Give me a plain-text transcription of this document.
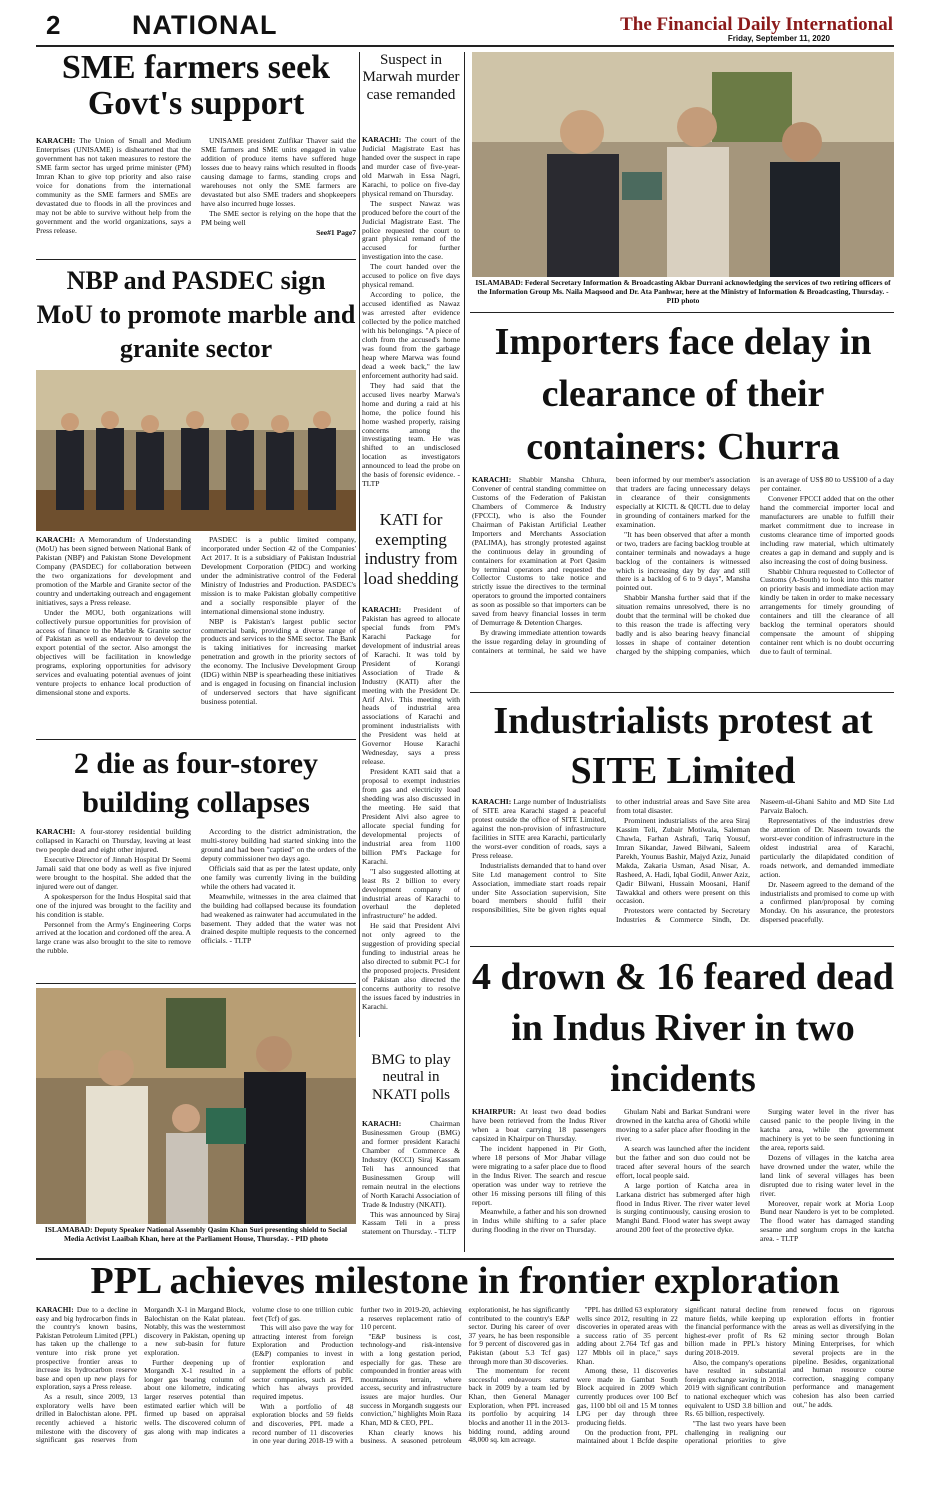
2	NATIONAL	The Financial Daily International
Friday, September 11, 2020
SME farmers seek Govt's support

KARACHI: The Union of Small and Medium Enterprises (UNISAME) is disheartened that the government has not taken measures to restore the SME farm sector has urged prime minister (PM) Imran Khan to give top priority and also raise voice for donations from the international community as the SME farmers and SMEs are devastated due to floods in all the provinces and may not be able to survive without help from the government and the world organizations, says a Press release.

UNISAME president Zulfikar Thaver said the SME farmers and SME units engaged in value addition of produce items have suffered huge losses due to heavy rains which resulted in floods causing damage to farms, standing crops and warehouses not only the SME farmers are devastated but also SME traders and shopkeepers have also incurred huge losses.

The SME sector is relying on the hope that the PM being well

See#1 Page7

Suspect in Marwah murder case remanded

KARACHI: The court of the Judicial Magistrate East has handed over the suspect in rape and murder case of five-year-old Marwah in Essa Nagri, Karachi, to police on five-day physical remand on Thursday.

The suspect Nawaz was produced before the court of the Judicial Magistrate East. The police requested the court to grant physical remand of the accused for further investigation into the case.

The court handed over the accused to police on five days physical remand.

According to police, the accused identified as Nawaz was arrested after evidence collected by the police matched with his belongings. "A piece of cloth from the accused's home was found from the garbage heap where Marwa was found dead a week back," the law enforcement authority had said.

They had said that the accused lives nearby Marwa's home and during a raid at his home, the police found his home washed properly, raising concerns among the investigating team. He was shifted to an undisclosed location as investigators announced to lead the probe on the basis of forensic evidence. - TLTP

ISLAMABAD: Federal Secretary Information & Broadcasting Akbar Durrani acknowledging the services of two retiring officers of the Information Group Ms. Naila Maqsood and Dr. Ata Panhwar, here at the Ministry of Information & Broadcasting, Thursday. - PID photo
NBP and PASDEC sign MoU to promote marble and granite sector

KARACHI: A Memorandum of Understanding (MoU) has been signed between National Bank of Pakistan (NBP) and Pakistan Stone Development Company (PASDEC) for collaboration between the two organizations for development and promotion of the Marble and Granite sector of the country and undertaking outreach and engagement initiatives, says a Press release.

Under the MOU, both organizations will collectively pursue opportunities for provision of access of finance to the Marble & Granite sector of Pakistan as well as endeavour to develop the export potential of the sector. Also amongst the objectives will be facilitation in knowledge programs, exploring opportunities for advisory services and evaluating potential avenues of joint venture projects to enhance local production of dimensional stone and exports.

PASDEC is a public limited company, incorporated under Section 42 of the Companies' Act 2017. It is a subsidiary of Pakistan Industrial Development Corporation (PIDC) and working under the administrative control of the Federal Ministry of Industries and Production. PASDEC's mission is to make Pakistan globally competitive and a socially responsible player of the international dimensional stone industry.

NBP is Pakistan's largest public sector commercial bank, providing a diverse range of products and services to the SME sector. The Bank is taking initiatives for increasing market penetration and growth in the priority sectors of the economy. The Inclusive Development Group (IDG) within NBP is spearheading these initiatives and is engaged in focusing on financial inclusion of underserved sectors that have significant business potential.

KATI for exempting industry from load shedding

KARACHI: President of Pakistan has agreed to allocate special funds from PM's Karachi Package for development of industrial areas of Karachi. It was told by President of Korangi Association of Trade & Industry (KATI) after the meeting with the President Dr. Arif Alvi. This meeting with heads of industrial area associations of Karachi and prominent industrialists with the President was held at Governor House Karachi Wednesday, says a press release.

President KATI said that a proposal to exempt industries from gas and electricity load shedding was also discussed in the meeting. He said that President Alvi also agree to allocate special funding for developmental projects of industrial area from 1100 billion PM's Package for Karachi.

"I also suggested allotting at least Rs 2 billion to every development company of industrial areas of Karachi to overhaul the depleted infrastructure" he added.

He said that President Alvi not only agreed to the suggestion of providing special funding to industrial areas he also directed to submit PC-I for the proposed projects. President of Pakistan also directed the concerns authority to resolve the issues faced by industries in Karachi.

Importers face delay in clearance of their containers: Churra

KARACHI: Shabbir Mansha Chhura, Convener of central standing committee on Customs of the Federation of Pakistan Chambers of Commerce & Industry (FPCCI), who is also the Founder Chairman of Pakistan Artificial Leather Importers and Merchants Association (PALIMA), has strongly protested against the continuous delay in grounding of containers for examination at Port Qasim by terminal operators and requested the Collector Customs to take notice and strictly issue the directives to the terminal operators to ground the imported containers as soon as possible so that importers can be saved from heavy financial losses in term of Demurrage & Detention Charges.

By drawing immediate attention towards the issue regarding delay in grounding of containers at terminal, he said we have been informed by our member's association that traders are facing unnecessary delays in clearance of their consignments especially at KICTL & QICTL due to delay in grounding of containers marked for the examination.

"It has been observed that after a month or two, traders are facing backlog trouble at container terminals and nowadays a huge backlog of the containers is witnessed which is increasing day by day and still there is a backlog of 6 to 9 days", Mansha pointed out.

Shabbir Mansha further said that if the situation remains unresolved, there is no doubt that the terminal will be choked due to this reason the trade is affecting very badly and is also bearing heavy financial losses in shape of container detention charged by the shipping companies, which is an average of US$ 80 to US$100 of a day per container.

Convener FPCCI added that on the other hand the commercial importer local and manufacturers are unable to fulfill their market commitment due to increase in customs clearance time of imported goods including raw material, which ultimately creates a gap in demand and supply and is also increasing the cost of doing business.

Shabbir Chhura requested to Collector of Customs (A-South) to look into this matter on priority basis and immediate action may kindly be taken in order to make necessary arrangements for timely grounding of containers and till the clearance of all backlog the terminal operators should compensate the amount of shipping container rent which is no doubt occurring due to fault of terminal.

2 die as four-storey building collapses

KARACHI: A four-storey residential building collapsed in Karachi on Thursday, leaving at least two people dead and eight other injured.

Executive Director of Jinnah Hospital Dr Seemi Jamali said that one body as well as five injured were brought to the hospital. She added that the injured were out of danger.

A spokesperson for the Indus Hospital said that one of the injured was brought to the facility and his condition is stable.

Personnel from the Army's Engineering Corps arrived at the location and cordoned off the area. A large crane was also brought to the site to remove the rubble.

According to the district administration, the multi-storey building had started sinking into the ground and had been "captied" on the orders of the deputy commissioner two days ago.

Officials said that as per the latest update, only one family was currently living in the building while the others had vacated it.

Meanwhile, witnesses in the area claimed that the building had collapsed because its foundation had weakened as rainwater had accumulated in the basement. They added that the water was not drained despite multiple requests to the concerned officials. - TLTP

Industrialists protest at SITE Limited

KARACHI: Large number of Industrialists of SITE area Karachi staged a peaceful protest outside the office of SITE Limited, against the non-provision of infrastructure facilities in SITE area Karachi, particularly the worst-ever condition of roads, says a Press release.

Industrialists demanded that to hand over Site Ltd management control to Site Association, immediate start roads repair under Site Association supervision, Site board members should fulfil their responsibilities, Site be given rights equal to other industrial areas and Save Site area from total disaster.

Prominent industrialists of the area Siraj Kassim Teli, Zubair Motiwala, Saleman Chawla, Farhan Ashrafi, Tariq Yousuf, Imran Sikandar, Jawed Bilwani, Saleem Parekh, Younus Bashir, Majyd Aziz, Junaid Makda, Zakaria Usman, Asad Nisar, A. Rasheed, A. Hadi, Iqbal Godil, Anwer Aziz, Qadir Bilwani, Hussain Moosani, Hanif Tawakkal and others were present on this occasion.

Protestors were contacted by Secretary Industries & Commerce Sindh, Dr. Naseem-ul-Ghani Sahito and MD Site Ltd Parvaiz Baloch.

Representatives of the industries drew the attention of Dr. Naseem towards the worst-ever condition of infrastructure in the oldest industrial area of Karachi, particularly the dilapidated condition of roads network, and demanded immediate action.

Dr. Naseem agreed to the demand of the industrialists and promised to come up with a confirmed plan/proposal by coming Monday. On his assurance, the protestors dispersed peacefully.

ISLAMABAD: Deputy Speaker National Assembly Qasim Khan Suri presenting shield to Social Media Activist Laaibah Khan, here at the Parliament House, Thursday. - PID photo
BMG to play neutral in NKATI polls

KARACHI:	Chairman Businessmen Group (BMG) and former president Karachi Chamber of Commerce & Industry (KCCI) Siraj Kassam Teli has announced that Businessmen Group will remain neutral in the elections of North Karachi Association of Trade & Industry (NKATI).

This was announced by Siraj Kassam Teli in a press statement on Thursday. - TLTP

4 drown & 16 feared dead in Indus River in two incidents

KHAIRPUR: At least two dead bodies have been retrieved from the Indus River when a boat carrying 18 passengers capsized in Khairpur on Thursday.

The incident happened in Pir Goth, where 18 persons of Mor Jhabar village were migrating to a safer place due to flood in the Indus River. The search and rescue operation was under way to retrieve the other 16 missing persons till filing of this report.

Meanwhile, a father and his son drowned in Indus while shifting to a safer place during flooding in the river on Thursday.

Ghulam Nabi and Barkat Sundrani were drowned in the katcha area of Ghotki while moving to a safer place after flooding in the river.

A search was launched after the incident but the father and son duo could not be traced after several hours of the search effort, local people said.

A large portion of Katcha area in Larkana district has submerged after high flood in Indus River. The river water level is surging continuously, causing erosion to Manghi Band. Flood water has swept away around 200 feet of the protective dyke.

Surging water level in the river has caused panic to the people living in the katcha area, while the government machinery is yet to be seen functioning in the area, reports said.

Dozens of villages in the katcha area have drowned under the water, while the land link of several villages has been disrupted due to rising water level in the river.

Moreover, repair work at Moria Loop Bund near Naudero is yet to be completed. The flood water has damaged standing sesame and sorghum crops in the katcha area. - TLTP

PPL achieves milestone in frontier exploration

KARACHI: Due to a decline in easy and big hydrocarbon finds in the country's known basins, Pakistan Petroleum Limited (PPL) has taken up the challenge to venture into risk prone yet prospective frontier areas to increase its hydrocarbon reserve base and open up new plays for exploration, says a Press release.

As a result, since 2009, 13 exploratory wells have been drilled in Balochistan alone. PPL recently achieved a historic milestone with the discovery of significant gas reserves from Morgandh X-1 in Margand Block, Balochistan on the Kalat plateau. Notably, this was the westernmost discovery in Pakistan, opening up a new sub-basin for future exploration.

Further deepening up of Morgandh X-1 resulted in a longer gas bearing column of about one kilometre, indicating larger reserves potential than estimated earlier which will be firmed up based on appraisal wells. The discovered column of gas along with map indicates a volume close to one trillion cubic feet (Tcf) of gas.

This will also pave the way for attracting interest from foreign Exploration and Production (E&P) companies to invest in frontier exploration and supplement the efforts of public sector companies, such as PPL which has always provided required impetus.

With a portfolio of 48 exploration blocks and 59 fields and discoveries, PPL made a record number of 11 discoveries in one year during 2018-19 with a further two in 2019-20, achieving a reserves replacement ratio of 110 percent.

"E&P business is cost, technology-and risk-intensive with a long gestation period, especially for gas. These are compounded in frontier areas with mountainous terrain, where access, security and infrastructure issues are major hurdles. Our success in Morgandh suggests our conviction," highlights Moin Raza Khan, MD & CEO, PPL.

Khan clearly knows his business. A seasoned petroleum explorationist, he has significantly contributed to the country's E&P sector. During his career of over 37 years, he has been responsible for 9 percent of discovered gas in Pakistan (about 5.3 Tcf gas) through more than 30 discoveries.

The momentum for recent successful endeavours started back in 2009 by a team led by Khan, then General Manager Exploration, when PPL increased its portfolio by acquiring 14 blocks and another 11 in the 2013-bidding round, adding around 48,000 sq. km acreage.

"PPL has drilled 63 exploratory wells since 2012, resulting in 22 discoveries in operated areas with a success ratio of 35 percent adding about 2.764 Tcf gas and 127 Mbbls oil in place," says Khan.

Among these, 11 discoveries were made in Gambat South Block acquired in 2009 which currently produces over 100 Bcf gas, 1100 bbl oil and 15 M tonnes LPG per day through three producing fields.

On the production front, PPL maintained about 1 Bcfde despite significant natural decline from mature fields, while keeping up the financial performance with the highest-ever profit of Rs 62 billion made in PPL's history during 2018-2019.

Also, the company's operations have resulted in substantial foreign exchange saving in 2018-2019 with significant contribution to national exchequer which was equivalent to USD 3.8 billion and Rs. 65 billion, respectively.

"The last two years have been challenging in realigning our operational priorities to give renewed focus on rigorous exploration efforts in frontier areas as well as diversifying in the mining sector through Bolan Mining Enterprises, for which several projects are in the pipeline. Besides, organizational and human resource course correction, snagging company performance and management cohesion has also been carried out," he adds.
